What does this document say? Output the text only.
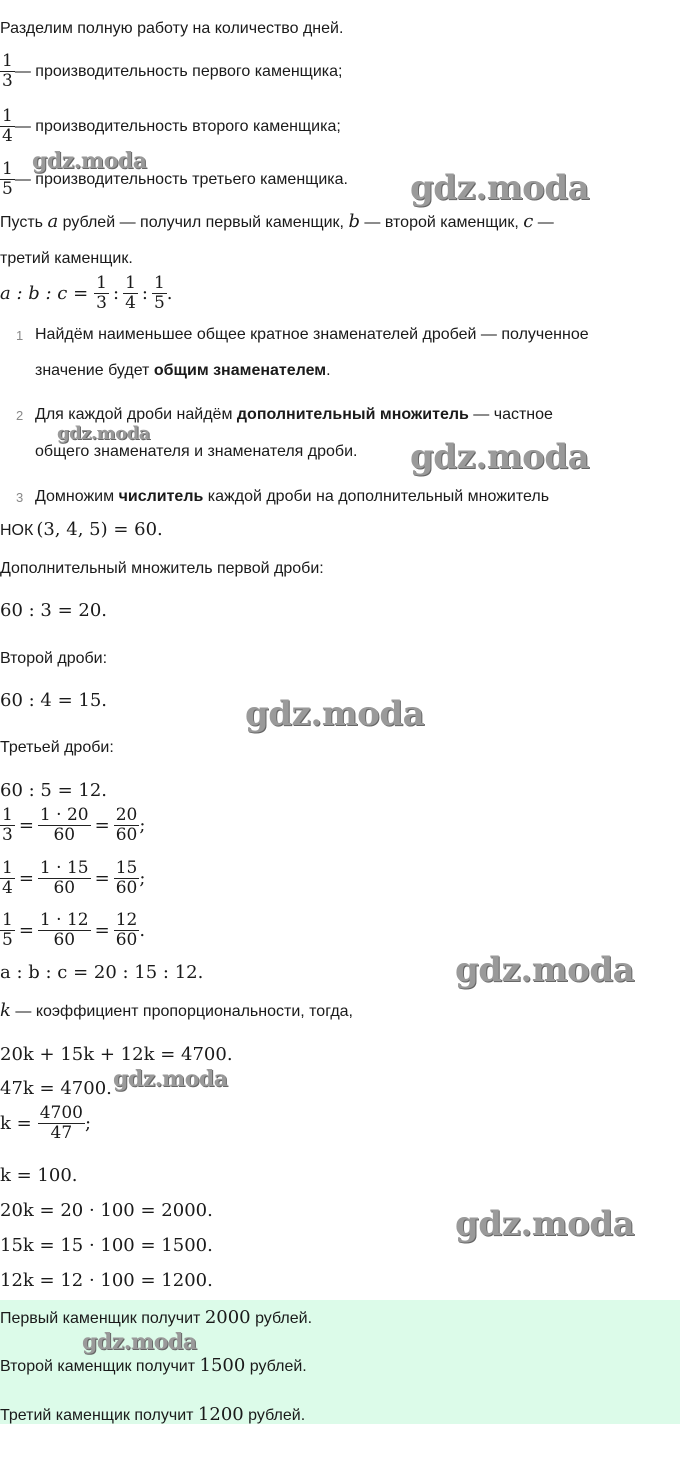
Разделим полную работу на количество дней.
$\frac{1}{3}$ — производительность первого каменщика;
$\frac{1}{4}$ — производительность второго каменщика;
$\frac{1}{5}$ — производительность третьего каменщика.
Пусть a рублей — получил первый каменщик, b — второй каменщик, c —
третий каменщик.
a : b : $c = \frac{1}{3}$ : $\frac{1}{4}$ : $\frac{1}{5}$ .
1 Найдём наименьшее общее кратное знаменателей дробей — полученное
значение будет общим знаменателем.
2 Для каждой дроби найдём дополнительный множитель — частное
общего знаменателя и знаменателя дроби.
3 Домножим числитель каждой дроби на дополнительный множитель
НОК (3, 4, 5) = 60.
Дополнительный множитель первой дроби:
60 : 3 = 20.
Второй дроби:
60 : 4 = 15.
Третьей дроби:
60 : 5 = 12.
$\frac{1}{3} = \frac{1 \cdot 20}{60} = \frac{20}{60}$ ;
$\frac{1}{4} = \frac{1 \cdot 15}{60} = \frac{15}{60}$ ;
$\frac{1}{5} = \frac{1 \cdot 12}{60} = \frac{12}{60}$ .
a : b : c = 20 : 15 : 12.
k — коэффициент пропорциональности, тогда,
20k + 15k + 12k = 4700.
47k = 4700.
$k = \frac{4700}{47}$ ;
k = 100.
20k = 20 · 100 = 2000.
15k = 15 · 100 = 1500.
12k = 12 · 100 = 1200.
Первый каменщик получит 2000 рублей.
Второй каменщик получит 1500 рублей.
Третий каменщик получит 1200 рублей.
gdz.moda
gdz.moda
gdz.moda
gdz.moda
gdz.moda
gdz.moda
gdz.moda
gdz.moda
gdz.moda
